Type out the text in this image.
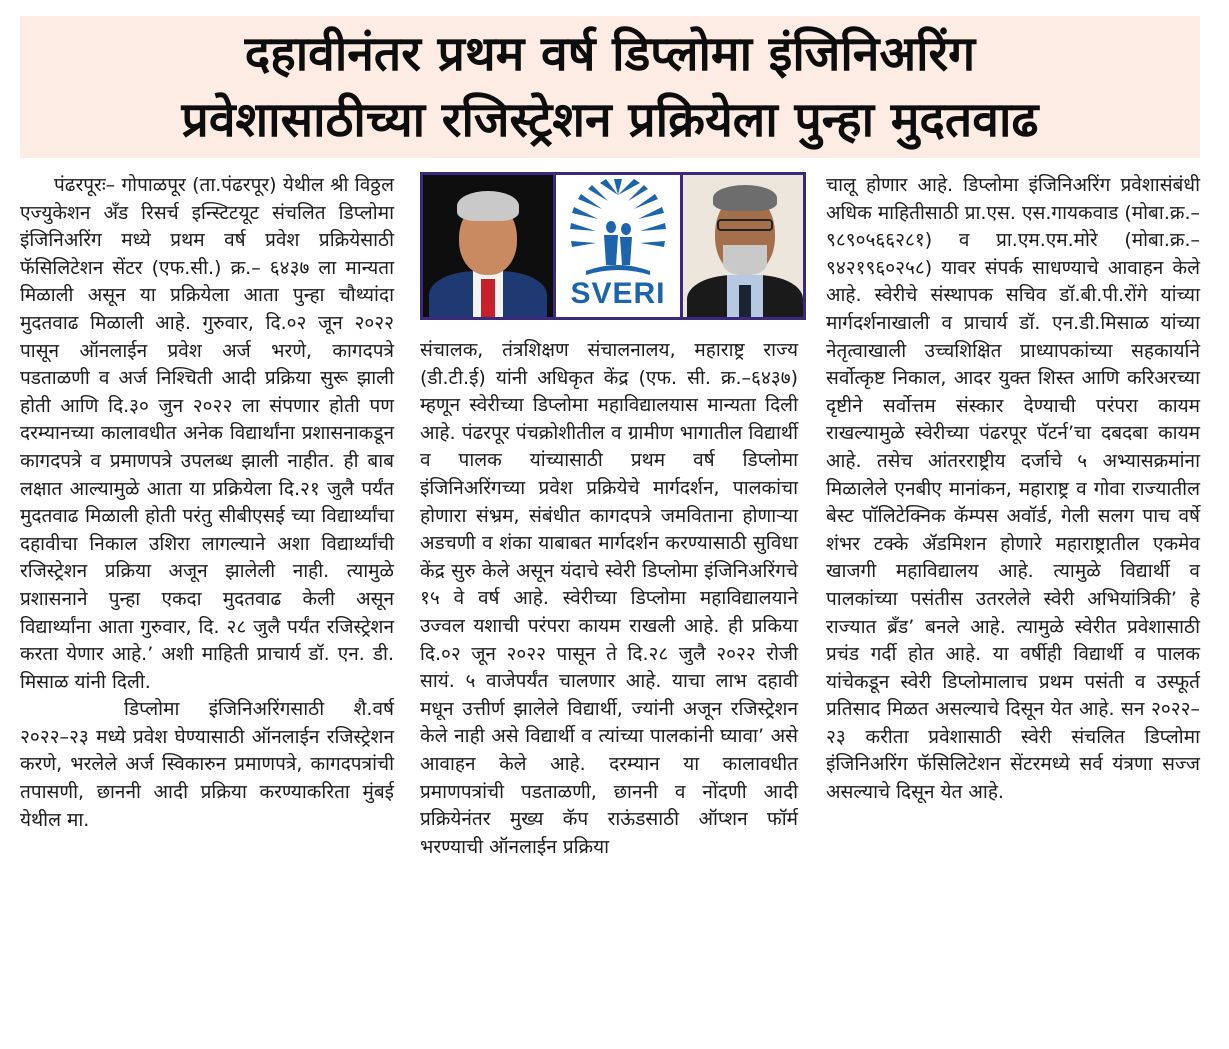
दहावीनंतर प्रथम वर्ष डिप्लोमा इंजिनिअरिंग
प्रवेशासाठीच्या रजिस्ट्रेशन प्रक्रियेला पुन्हा मुदतवाढ

पंढरपूरः– गोपाळपूर (ता.पंढरपूर) येथील श्री विठ्ठल एज्युकेशन अँड रिसर्च इन्स्टिटयूट संचलित डिप्लोमा इंजिनिअरिंग मध्ये प्रथम वर्ष प्रवेश प्रक्रियेसाठी फॅसिलिटेशन सेंटर (एफ.सी.) क्र.– ६४३७ ला मान्यता मिळाली असून या प्रक्रियेला आता पुन्हा चौथ्यांदा मुदतवाढ मिळाली आहे. गुरुवार, दि.०२ जून २०२२ पासून ऑनलाईन प्रवेश अर्ज भरणे, कागदपत्रे पडताळणी व अर्ज निश्चिती आदी प्रक्रिया सुरू झाली होती आणि दि.३० जुन २०२२ ला संपणार होती पण दरम्यानच्या कालावधीत अनेक विद्यार्थांना प्रशासनाकडून कागदपत्रे व प्रमाणपत्रे उपलब्ध झाली नाहीत. ही बाब लक्षात आल्यामुळे आता या प्रक्रियेला दि.२१ जुलै पर्यंत मुदतवाढ मिळाली होती परंतु सीबीएसई च्या विद्यार्थ्यांचा दहावीचा निकाल उशिरा लागल्याने अशा विद्यार्थ्यांची रजिस्ट्रेशन प्रक्रिया अजून झालेली नाही. त्यामुळे प्रशासनाने पुन्हा एकदा मुदतवाढ केली असून विद्यार्थ्यांना आता गुरुवार, दि. २८ जुलै पर्यंत रजिस्ट्रेशन करता येणार आहे.’ अशी माहिती प्राचार्य डॉ. एन. डी. मिसाळ यांनी दिली.

डिप्लोमा इंजिनिअरिंगसाठी शै.वर्ष २०२२–२३ मध्ये प्रवेश घेण्यासाठी ऑनलाईन रजिस्ट्रेशन करणे, भरलेले अर्ज स्विकारुन प्रमाणपत्रे, कागदपत्रांची तपासणी, छाननी आदी प्रक्रिया करण्याकरिता मुंबई येथील मा.

SVERI

संचालक, तंत्रशिक्षण संचालनालय, महाराष्ट्र राज्य (डी.टी.ई) यांनी अधिकृत केंद्र (एफ. सी. क्र.–६४३७) म्हणून स्वेरीच्या डिप्लोमा महाविद्यालयास मान्यता दिली आहे. पंढरपूर पंचक्रोशीतील व ग्रामीण भागातील विद्यार्थी व पालक यांच्यासाठी प्रथम वर्ष डिप्लोमा इंजिनिअरिंगच्या प्रवेश प्रक्रियेचे मार्गदर्शन, पालकांचा होणारा संभ्रम, संबंधीत कागदपत्रे जमविताना होणाऱ्या अडचणी व शंका याबाबत मार्गदर्शन करण्यासाठी सुविधा केंद्र सुरु केले असून यंदाचे स्वेरी डिप्लोमा इंजिनिअरिंगचे १५ वे वर्ष आहे. स्वेरीच्या डिप्लोमा महाविद्यालयाने उज्वल यशाची परंपरा कायम राखली आहे. ही प्रकिया दि.०२ जून २०२२ पासून ते दि.२८ जुलै २०२२ रोजी सायं. ५ वाजेपर्यंत चालणार आहे. याचा लाभ दहावी मधून उत्तीर्ण झालेले विद्यार्थी, ज्यांनी अजून रजिस्ट्रेशन केले नाही असे विद्यार्थी व त्यांच्या पालकांनी घ्यावा’ असे आवाहन केले आहे. दरम्यान या कालावधीत प्रमाणपत्रांची पडताळणी, छाननी व नोंदणी आदी प्रक्रियेनंतर मुख्य कॅप राऊंडसाठी ऑप्शन फॉर्म भरण्याची ऑनलाईन प्रक्रिया

चालू होणार आहे. डिप्लोमा इंजिनिअरिंग प्रवेशासंबंधी अधिक माहितीसाठी प्रा.एस. एस.गायकवाड (मोबा.क्र.–९८९०५६६२८१) व प्रा.एम.एम.मोरे (मोबा.क्र.–९४२१९६०२५८) यावर संपर्क साधण्याचे आवाहन केले आहे. स्वेरीचे संस्थापक सचिव डॉ.बी.पी.रोंगे यांच्या मार्गदर्शनाखाली व प्राचार्य डॉ. एन.डी.मिसाळ यांच्या नेतृत्वाखाली उच्चशिक्षित प्राध्यापकांच्या सहकार्याने सर्वोत्कृष्ट निकाल, आदर युक्त शिस्त आणि करिअरच्या दृष्टीने सर्वोत्तम संस्कार देण्याची परंपरा कायम राखल्यामुळे स्वेरीच्या पंढरपूर पॅटर्न’चा दबदबा कायम आहे. तसेच आंतरराष्ट्रीय दर्जाचे ५ अभ्यासक्रमांना मिळालेले एनबीए मानांकन, महाराष्ट्र व गोवा राज्यातील बेस्ट पॉलिटेक्निक कॅम्पस अवॉर्ड, गेली सलग पाच वर्षे शंभर टक्के ॲडमिशन होणारे महाराष्ट्रातील एकमेव खाजगी महाविद्यालय आहे. त्यामुळे विद्यार्थी व पालकांच्या पसंतीस उतरलेले स्वेरी अभियांत्रिकी’ हे राज्यात ब्रँड’ बनले आहे. त्यामुळे स्वेरीत प्रवेशासाठी प्रचंड गर्दी होत आहे. या वर्षीही विद्यार्थी व पालक यांचेकडून स्वेरी डिप्लोमालाच प्रथम पसंती व उस्फूर्त प्रतिसाद मिळत असल्याचे दिसून येत आहे. सन २०२२–२३ करीता प्रवेशासाठी स्वेरी संचलित डिप्लोमा इंजिनिअरिंग फॅसिलिटेशन सेंटरमध्ये सर्व यंत्रणा सज्ज असल्याचे दिसून येत आहे.
